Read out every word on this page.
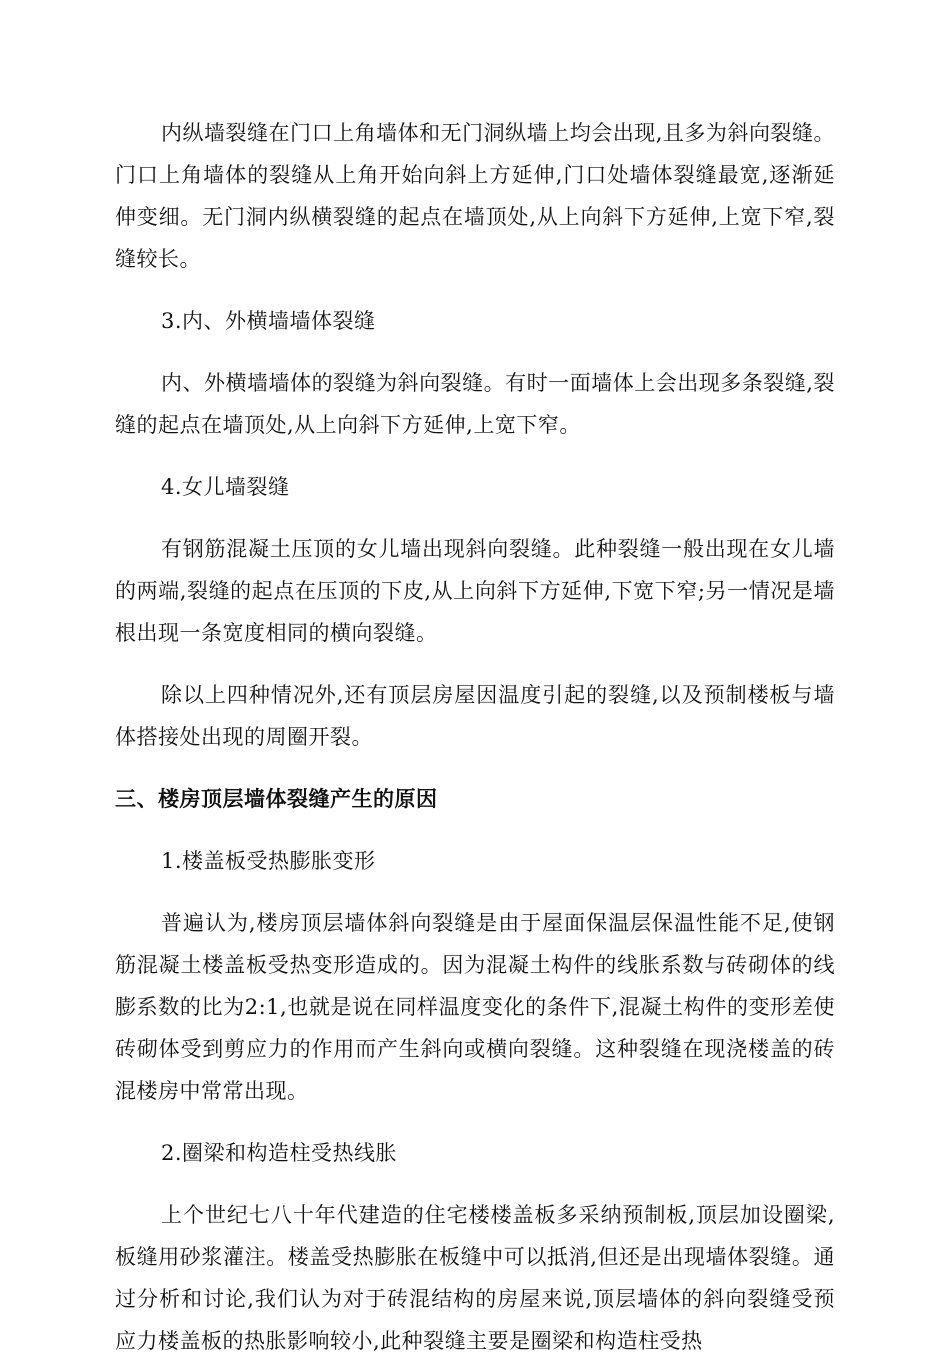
内纵墙裂缝在门口上角墙体和无门洞纵墙上均会出现,且多为斜向裂缝。门口上角墙体的裂缝从上角开始向斜上方延伸,门口处墙体裂缝最宽,逐渐延伸变细。无门洞内纵横裂缝的起点在墙顶处,从上向斜下方延伸,上宽下窄,裂缝较长。

3.内、外横墙墙体裂缝

内、外横墙墙体的裂缝为斜向裂缝。有时一面墙体上会出现多条裂缝,裂缝的起点在墙顶处,从上向斜下方延伸,上宽下窄。

4.女儿墙裂缝

有钢筋混凝土压顶的女儿墙出现斜向裂缝。此种裂缝一般出现在女儿墙的两端,裂缝的起点在压顶的下皮,从上向斜下方延伸,下宽下窄;另一情况是墙根出现一条宽度相同的横向裂缝。

除以上四种情况外,还有顶层房屋因温度引起的裂缝,以及预制楼板与墙体搭接处出现的周圈开裂。

三、楼房顶层墙体裂缝产生的原因

1.楼盖板受热膨胀变形

普遍认为,楼房顶层墙体斜向裂缝是由于屋面保温层保温性能不足,使钢筋混凝土楼盖板受热变形造成的。因为混凝土构件的线胀系数与砖砌体的线膨系数的比为2:1,也就是说在同样温度变化的条件下,混凝土构件的变形差使砖砌体受到剪应力的作用而产生斜向或横向裂缝。这种裂缝在现浇楼盖的砖混楼房中常常出现。

2.圈梁和构造柱受热线胀

上个世纪七八十年代建造的住宅楼楼盖板多采纳预制板,顶层加设圈梁,板缝用砂浆灌注。楼盖受热膨胀在板缝中可以抵消,但还是出现墙体裂缝。通过分析和讨论,我们认为对于砖混结构的房屋来说,顶层墙体的斜向裂缝受预应力楼盖板的热胀影响较小,此种裂缝主要是圈梁和构造柱受热
